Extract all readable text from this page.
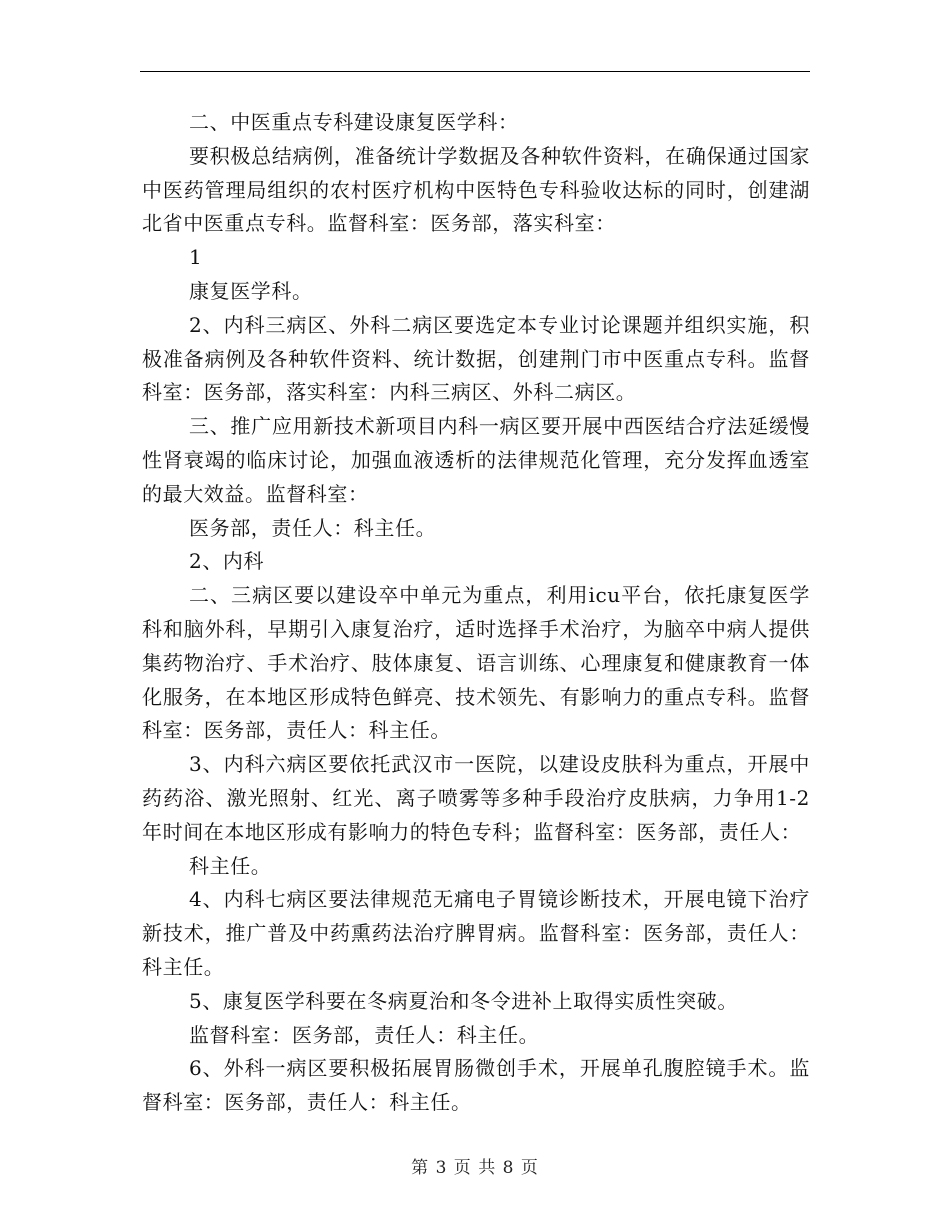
二、中医重点专科建设康复医学科：

要积极总结病例，准备统计学数据及各种软件资料，在确保通过国家中医药管理局组织的农村医疗机构中医特色专科验收达标的同时，创建湖北省中医重点专科。监督科室：医务部，落实科室：

1

康复医学科。

2、内科三病区、外科二病区要选定本专业讨论课题并组织实施，积极准备病例及各种软件资料、统计数据，创建荆门市中医重点专科。监督科室：医务部，落实科室：内科三病区、外科二病区。

三、推广应用新技术新项目内科一病区要开展中西医结合疗法延缓慢性肾衰竭的临床讨论，加强血液透析的法律规范化管理，充分发挥血透室的最大效益。监督科室：

医务部，责任人：科主任。

2、内科

二、三病区要以建设卒中单元为重点，利用icu平台，依托康复医学科和脑外科，早期引入康复治疗，适时选择手术治疗，为脑卒中病人提供集药物治疗、手术治疗、肢体康复、语言训练、心理康复和健康教育一体化服务，在本地区形成特色鲜亮、技术领先、有影响力的重点专科。监督科室：医务部，责任人：科主任。

3、内科六病区要依托武汉市一医院，以建设皮肤科为重点，开展中药药浴、激光照射、红光、离子喷雾等多种手段治疗皮肤病，力争用1-2年时间在本地区形成有影响力的特色专科；监督科室：医务部，责任人：

科主任。

4、内科七病区要法律规范无痛电子胃镜诊断技术，开展电镜下治疗新技术，推广普及中药熏药法治疗脾胃病。监督科室：医务部，责任人：科主任。

5、康复医学科要在冬病夏治和冬令进补上取得实质性突破。

监督科室：医务部，责任人：科主任。

6、外科一病区要积极拓展胃肠微创手术，开展单孔腹腔镜手术。监督科室：医务部，责任人：科主任。

第 3 页 共 8 页
